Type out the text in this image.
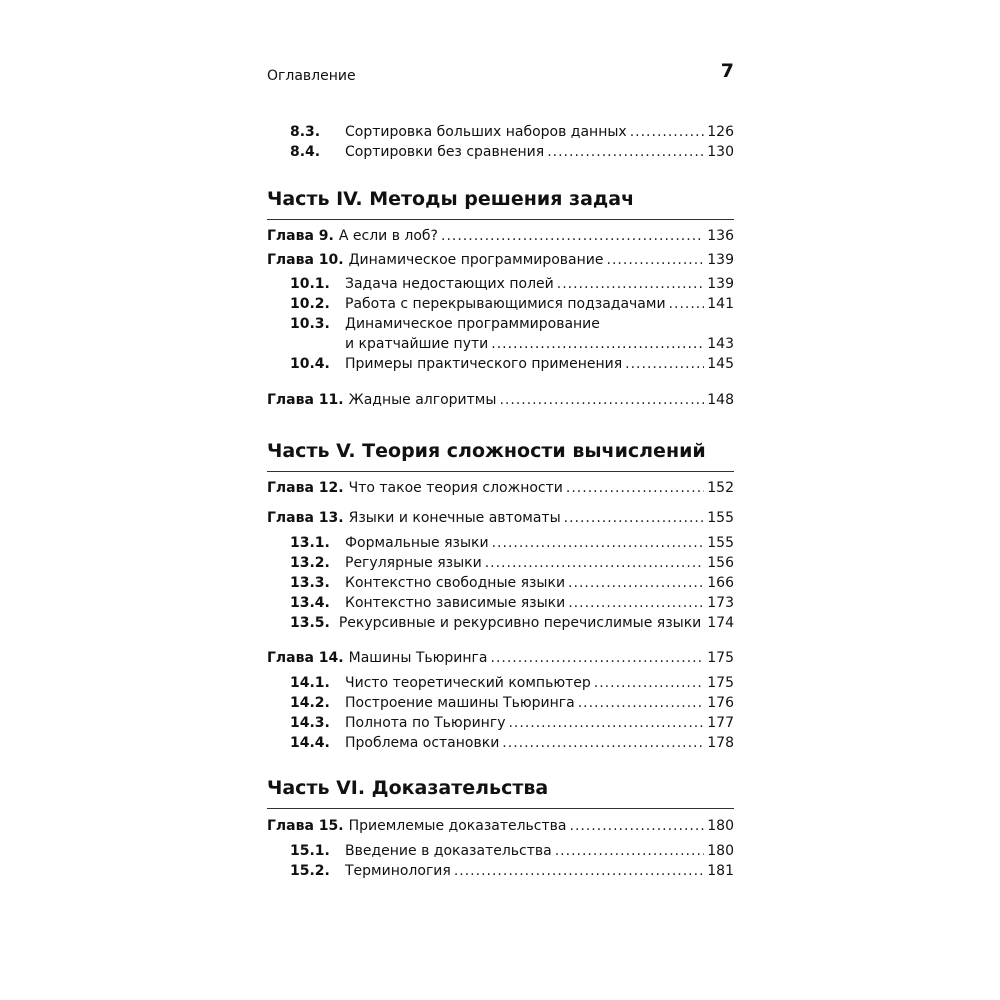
Оглавление	7
8.3.	Сортировка больших наборов данных .....	126
8.4.	Сортировки без сравнения .....	130
Часть IV. Методы решения задач
Глава 9. А если в лоб? .....	136
Глава 10. Динамическое программирование .....	139
10.1.	Задача недостающих полей .....	139
10.2.	Работа с перекрывающимися подзадачами .....	141
10.3.	Динамическое программирование
и кратчайшие пути .....	143
10.4.	Примеры практического применения .....	145
Глава 11. Жадные алгоритмы .....	148
Часть V. Теория сложности вычислений
Глава 12. Что такое теория сложности .....	152
Глава 13. Языки и конечные автоматы .....	155
13.1.	Формальные языки .....	155
13.2.	Регулярные языки .....	156
13.3.	Контекстно свободные языки .....	166
13.4.	Контекстно зависимые языки .....	173
13.5. Рекурсивные и рекурсивно перечислимые языки 174
Глава 14. Машины Тьюринга .....	175
14.1.	Чисто теоретический компьютер .....	175
14.2.	Построение машины Тьюринга .....	176
14.3.	Полнота по Тьюрингу .....	177
14.4.	Проблема остановки .....	178
Часть VI. Доказательства
Глава 15. Приемлемые доказательства .....	180
15.1.	Введение в доказательства .....	180
15.2.	Терминология .....	181
